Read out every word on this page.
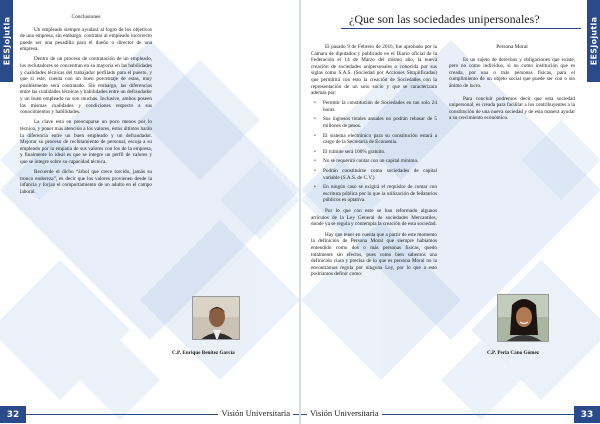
EESJojutla	Conclusiones

Un empleado siempre ayudará al logro de los objetivos de una empresa, sin embargo, contratar al empleado incorrecto puede ser una pesadilla para el dueño o director de una empresa.

Dentro de un proceso de contratación de un empleado, los reclutadores se concentran en su mayoría en las habilidades y cualidades técnicas del trabajador perfilado para el puesto, y que si este, cuenta con un buen porcentaje de estas, muy posiblemente será contratado. Sin embargo, las diferencias entre las cualidades técnicas y habilidades entre un defraudador y un buen empleado no son muchas. Inclusive, ambos poseen las mismas cualidades y condiciones respecto a sus conocimientos y habilidades.

La clave está en preocuparse un poco menos por lo técnico, y poner más atención a los valores, éstos últimos harán la diferencia entre un buen empleado y un defraudador. Mejorar su proceso de reclutamiento de personal, escoja a su empleado por la empatía de sus valores con los de la empresa, y finalmente lo ideal es que se integre un perfil de valores y que se integre sobre su capacidad técnica.

Recuerde el dicho “árbol que crece torcido, jamás su tronco endereza”, es decir que los valores provienen desde la infancia y forjan el comportamiento de un adulto en el campo laboral.

C.P. Enrique Benítez García
32	Visión Universitaria
EESJojutla
¿Que son las sociedades unipersonales?

El pasado 9 de Febrero de 2016, fue aprobado por la Cámara de diputados y publicado en el Diario oficial de la Federación el 14 de Marzo del mismo año, la nueva creación de sociedades unipersonales o conocida por sus siglas como S.A.S. (Sociedad por Acciones Simplificadas) que permitirá con esto la creación de Sociedades con la representación de un solo socio y que se caracterizara además por:

• Permitir la constitución de Sociedades en tan solo 24 horas.
• Sus ingresos totales anuales no podrán rebasar de 5 millones de pesos.
• El sistema electrónico para su constitución estará a cargo de la Secretaría de Economía.
• El trámite será 100% gratuito.
• No se requerirá contar con un capital mínimo.
• Podrán constituirse como sociedades de capital variable (S.A.S. de C.V.)
• En ningún caso se exigirá el requisito de contar con escritura pública por lo que la utilización de fedatarios públicos es optativa.

Por lo que con esto se han reformado algunos artículos de la Ley General de sociedades Mercantiles, donde ya se regula y contempla la creación de esta sociedad.

Hay que tener en cuenta que a partir de este momento la definición de Persona Moral que siempre habíamos entendido como dos o más personas físicas, quedo totalmente sin efectos, pues como bien sabemos una definición clara y precisa de lo que es persona Moral no la encontramos regula por ninguna Ley, por lo que a esto podríamos definir como:

Persona Moral

Es un sujeto de derechos y obligaciones que existe, pero no como individuo, si no como institución que es creada, por una o más personas físicas, para el cumplimiento de un objeto social que puede ser con o sin ánimo de lucro.

Para concluir podremos decir que esta sociedad unipersonal, es creada para facilitar a los contribuyentes a la constitución de una nueva sociedad y de esta manera ayudar a su crecimiento económico.

C.P. Perla Cano Gómez
33
Visión Universitaria
